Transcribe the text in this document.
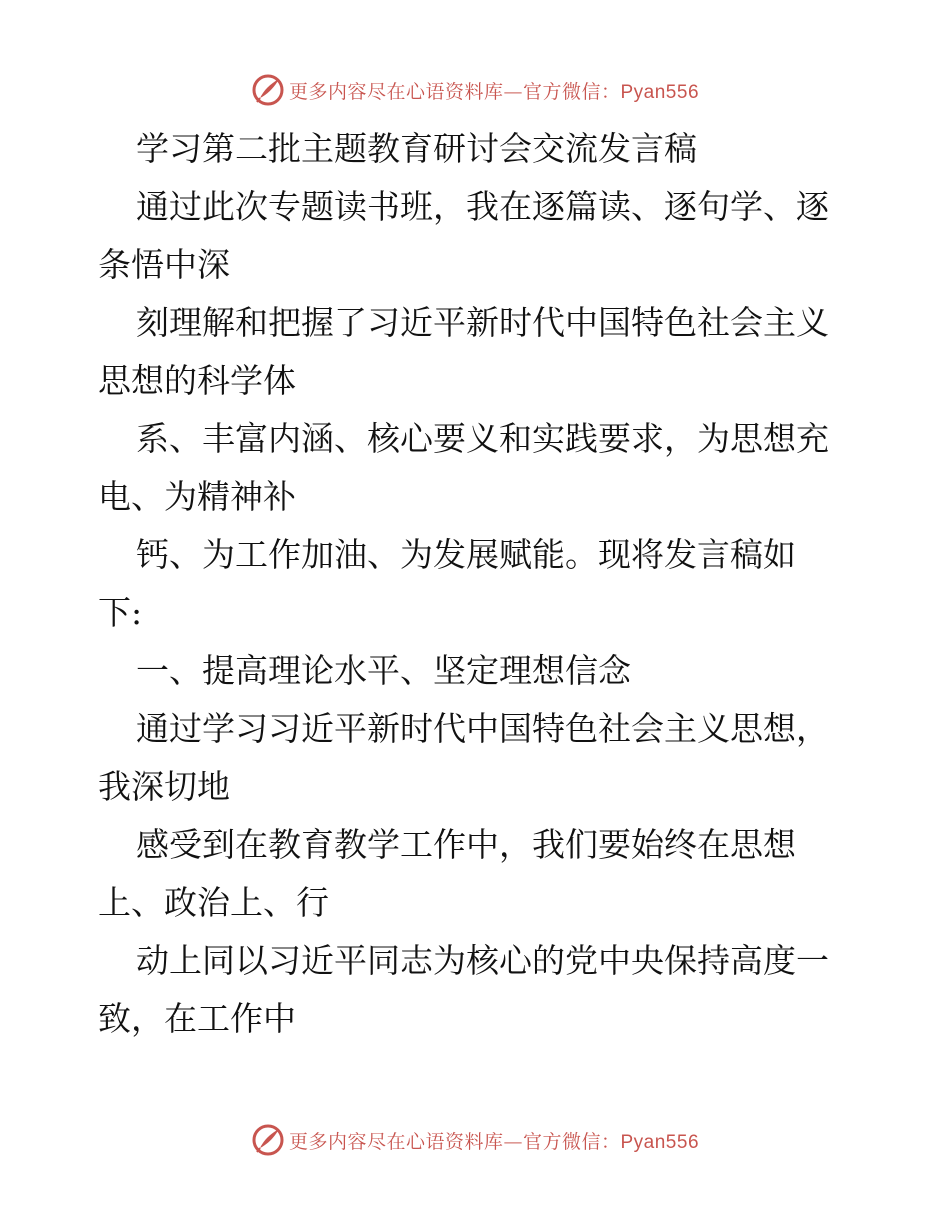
更多内容尽在心语资料库—官方微信：Pyan556

学习第二批主题教育研讨会交流发言稿

通过此次专题读书班，我在逐篇读、逐句学、逐

条悟中深

刻理解和把握了习近平新时代中国特色社会主义

思想的科学体

系、丰富内涵、核心要义和实践要求，为思想充

电、为精神补

钙、为工作加油、为发展赋能。现将发言稿如

下:

一、提高理论水平、坚定理想信念

通过学习习近平新时代中国特色社会主义思想，

我深切地

感受到在教育教学工作中，我们要始终在思想

上、政治上、行

动上同以习近平同志为核心的党中央保持高度一

致，在工作中

更多内容尽在心语资料库—官方微信：Pyan556
